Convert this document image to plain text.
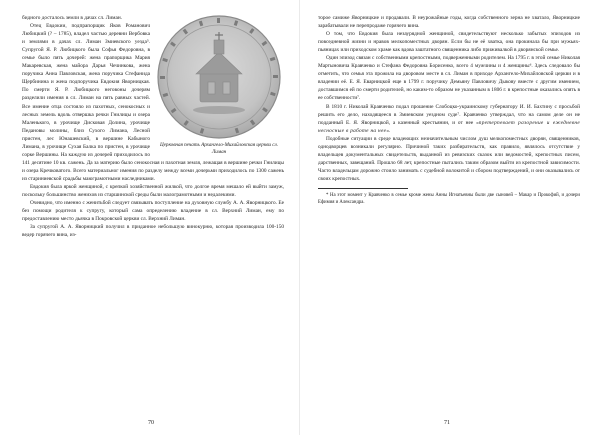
Церковная печать Архангело-Михайловская церкви сл. Лиман

бидного досталось земли в дачах сл. Лиман.

Отец Евдокии, подпрапорщик Яков Романович Любицкий (? – 1785), владел частью деревни Вербовка и землями в дачах сл. Лиман Змиевского уезда⁵. Супругой Я. Р. Любицкого была Софья Федоровна, в семье было пять дочерей: жена прапорщика Мария Макаревская, жена майора Дарья Чечинкова, жена поручика Анна Павловская, жена поручика Стефанида Щербинина и жена подпоручика Евдокия Яворницкая. По смерти Я. Р. Любицкого неговоны дочерям разделили имения в сл. Лиман на пять равных частей. Все имение отца состояло из пахотных, сенокосных и лесных земель вдоль отвершка речки Гнилицы и озера Маленького, в урочище Дисковая Долина, урочище Педановы молины, близ Сухого Лимана, Лесной пристен, лес Юнашевский, в вершине Кабыного Лимана, в урочище Сухая Балка по пристен, в урочище сорке Вершины. На каждую из дочерей приходилось по 141 десятине 10 кв. сажень. Да за материю было сенокосная и пахотная земля, лежащая в вершине речки Гнилицы и озера Кречковатого. Всего материальног имения по разделу между всеми дочерьми приходилось по 1300 сажень из стариниевской срадьбы маюграмотными наследниками.

Евдокия была яркой женщиной, с крепкой хозяйственной жилкой, что долгое время мешало ей выйти замуж, поскольку большинство женихов из старшинской среды были малограмотными и недалекими.

Очевидно, что именно с женитьбой следует связывать поступление на духовную службу А. А. Яворницкого. Ее без помощи родителя к супругу, который сама определению владение в сл. Верхний Лиман, ему по предоставлению место дьячка в Покровской церкви сл. Верхний Лиман.

За супругой А. А. Яворницкий получил в приданное небольшую винокурню, которая производила 100-150 ведер горячего вина, из-

торое самиже Яворницкие и продавали. В неурожайные годы, когда собственного зерна не хватало, Яворницкие зарабатывали не перепродаже горячего вина.

О том, что Евдокия была незаурядной женщиной, свидетельствуют несколько забытых эпизодов из повседневной жизни и нравов мелкопоместных дворян. Если бы не её хватка, она прокинала бы при мужьях-пьяницах или приходском храме как вдова заштатного священника либо приживалкой в дворянской семье.

Один эпизод связан с собственными крепостными, подверженными родителем. На 1795 г. в этой семье Николая Мартыновича Кравченко и Стефана Федоровна Борисенко, всего 4 мужчины и 4 женщины⁶. Здесь следовало бы отметить, что семья эта прожила на дворовом месте в сл. Лиман в приходе Архангело-Михайловской церкви и в владении её. Е. Я. Еварницкой еще в 1799 г. поручику Демьяну Павловичу Дыкову вместе с другим имением, доставшимся ей по смерти родителей, но каким-то образом не указанным в 1806 г. в крепостные оказались опять в ее собственности⁷.

В 1810 г. Николай Кравченко подал прошение Слобоцко-украинскому губернатору И. И. Бахтину с просьбой решить его дело, находящееся в Змиевском уездном суде⁷. Кравченко утверждал, что на самом деле он не подданный Е. Я. Яворницкой, а казенный крестьянин, и от нее «претерпевает разорение и ежедневне несносные в работе на нее».

Подобные ситуации в среде владеющих незначительным числом душ мелкопоместных дворян, священников, однодворцев возникали регулярно. Причиной таких разбирательств, как правило, являлось отсутствие у владельцев документальных свидетельств, выданной из ревизских сказок или ведомостей, крепостных писем, дарственных, завещаний. Прошло 68 лет, крепостные пытались таким образом выйти из крепостной зависимости. Часто владельцам дорожно стоило занимать с судебной волокитой и сбором подтверждений, и они оказывались от своих крепостных.

* На этот момент у Кравченко в семье кроме жены Анны Игнатьевны были две сыновей – Макар и Прокофий, и дочери Ефимия и Александра.

70	71
